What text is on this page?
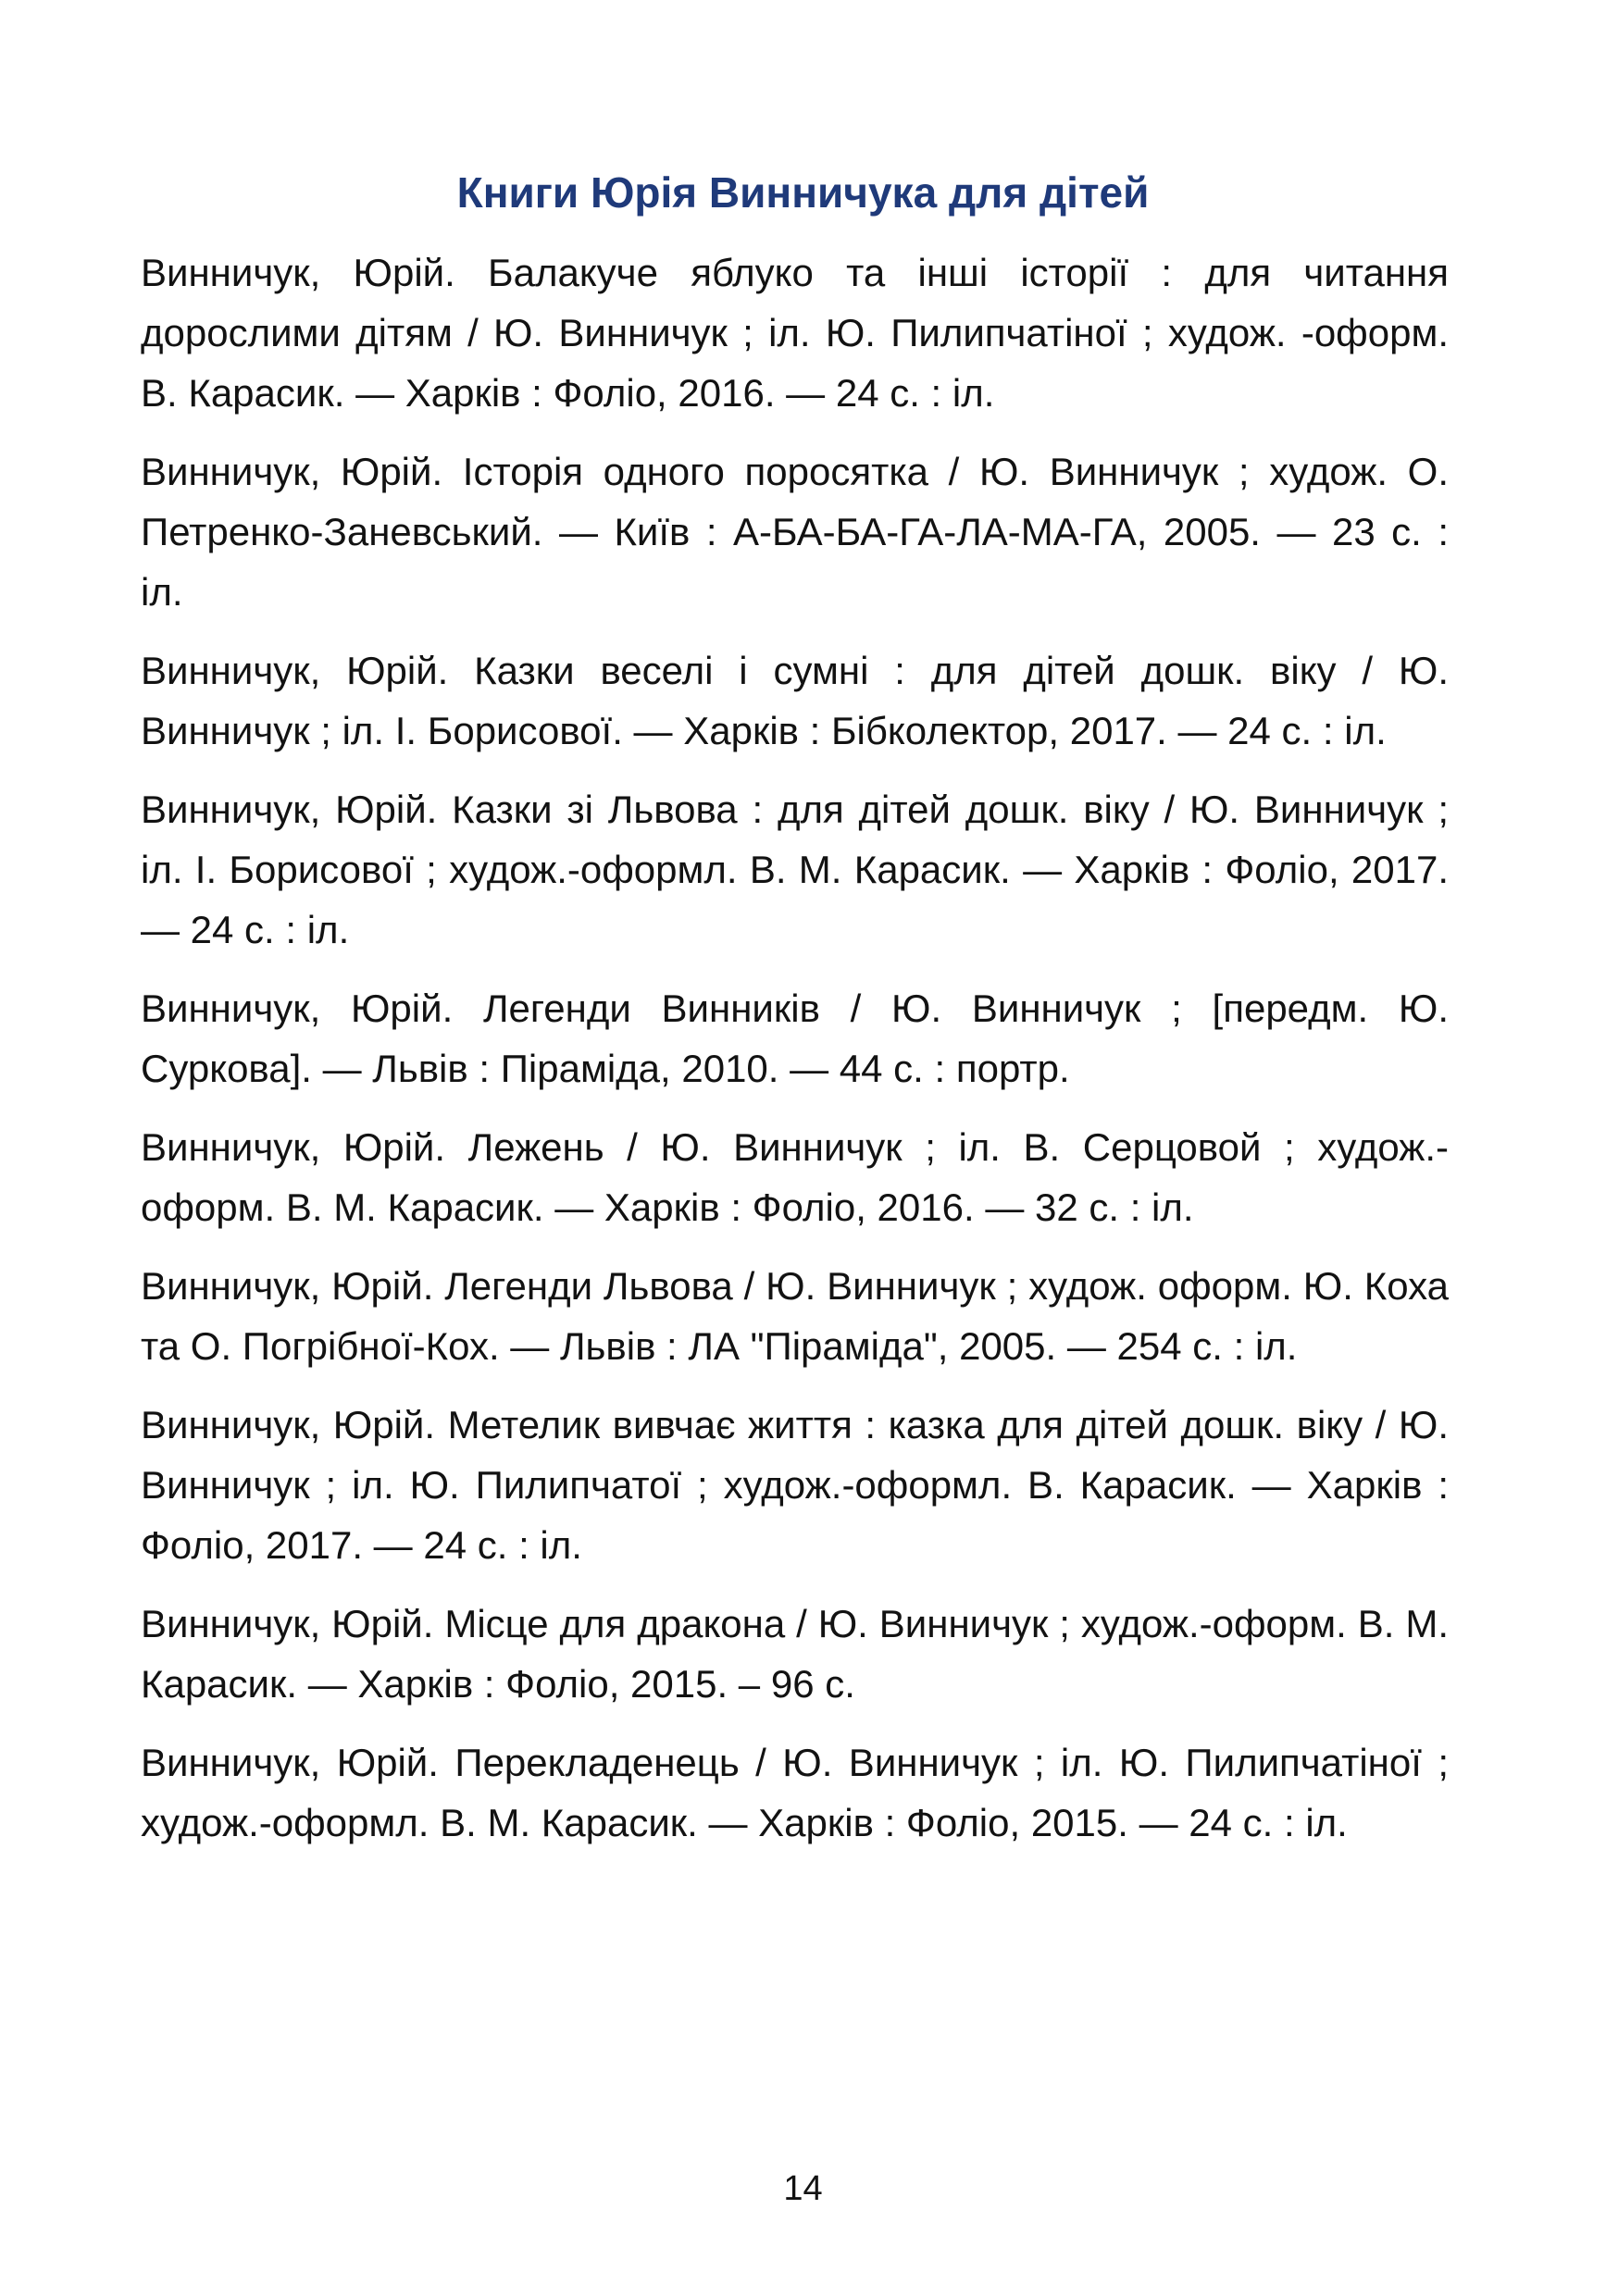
Книги Юрія Винничука для дітей

Винничук, Юрій. Балакуче яблуко та інші історії : для читання дорослими дітям / Ю. Винничук ; іл. Ю. Пилипчатіної ; худож. -оформ. В. Карасик. — Харків : Фоліо, 2016. — 24 с. : іл.

Винничук, Юрій. Історія одного поросятка / Ю. Винничук ; худож. О. Петренко-Заневський. — Київ : А-БА-БА-ГА-ЛА-МА-ГА, 2005. — 23 с. : іл.

Винничук, Юрій. Казки веселі і сумні : для дітей дошк. віку / Ю. Винничук ; іл. І. Борисової. — Харків : Бібколектор, 2017. — 24 с. : іл.

Винничук, Юрій. Казки зі Львова : для дітей дошк. віку / Ю. Винничук ; іл. І. Борисової ; худож.-оформл. В. М. Карасик. — Харків : Фоліо, 2017. — 24 с. : іл.

Винничук, Юрій. Легенди Винників / Ю. Винничук ; [передм. Ю. Суркова]. — Львів : Піраміда, 2010. — 44 с. : портр.

Винничук, Юрій. Лежень / Ю. Винничук ; іл. В. Серцовой ; худож.-оформ. В. М. Карасик. — Харків : Фоліо, 2016. — 32 с. : іл.

Винничук, Юрій. Легенди Львова / Ю. Винничук ; худож. оформ. Ю. Коха та О. Погрібної-Кох. — Львів : ЛА "Піраміда", 2005. — 254 с. : іл.

Винничук, Юрій. Метелик вивчає життя : казка для дітей дошк. віку / Ю. Винничук ; іл. Ю. Пилипчатої ; худож.-оформл. В. Карасик. — Харків : Фоліо, 2017. — 24 с. : іл.

Винничук, Юрій. Місце для дракона / Ю. Винничук ; худож.-оформ. В. М. Карасик. — Харків : Фоліо, 2015. – 96 с.

Винничук, Юрій. Перекладенець / Ю. Винничук ; іл. Ю. Пилипчатіної ; худож.-оформл. В. М. Карасик. — Харків : Фоліо, 2015. — 24 с. : іл.

14
